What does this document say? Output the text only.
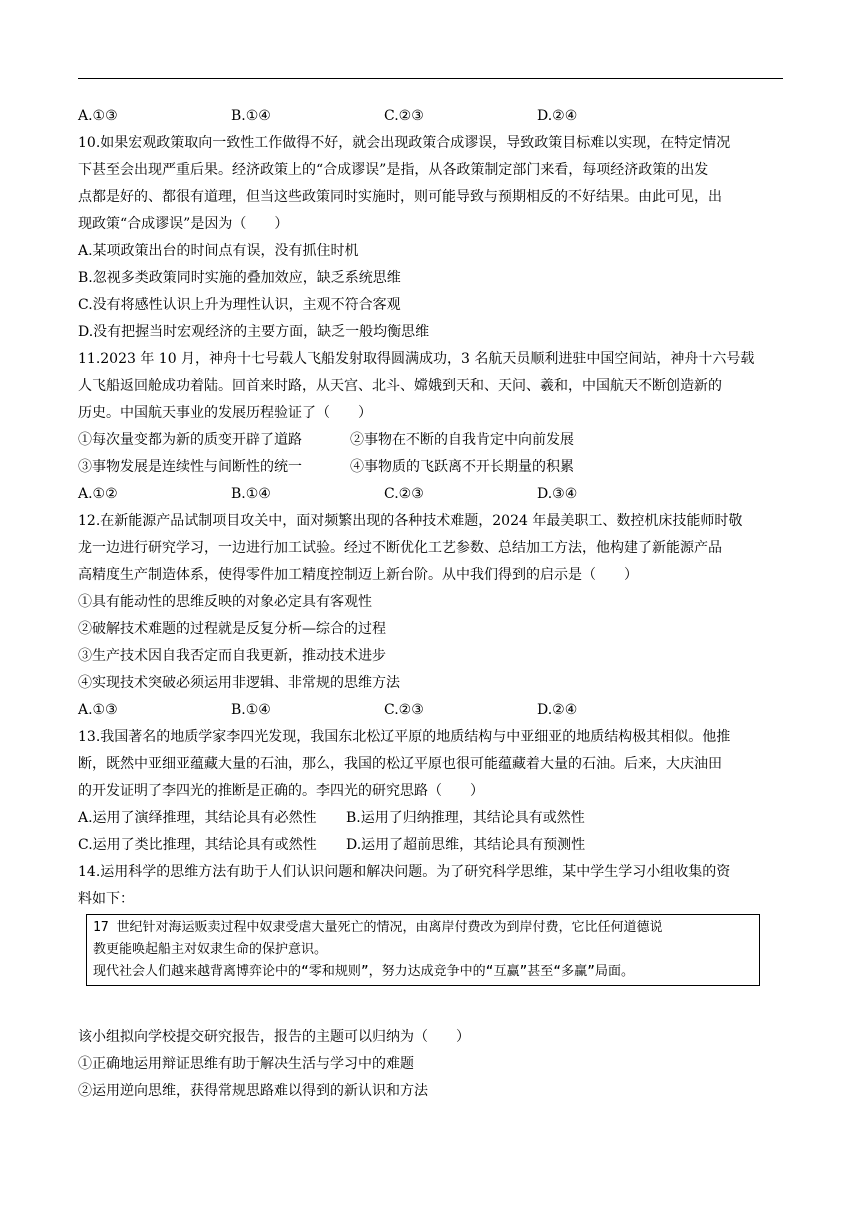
A.①③	B.①④	C.②③	D.②④
10.如果宏观政策取向一致性工作做得不好，就会出现政策合成谬误，导致政策目标难以实现，在特定情况
下甚至会出现严重后果。经济政策上的“合成谬误”是指，从各政策制定部门来看，每项经济政策的出发
点都是好的、都很有道理，但当这些政策同时实施时，则可能导致与预期相反的不好结果。由此可见，出
现政策“合成谬误”是因为（　　）
A.某项政策出台的时间点有误，没有抓住时机
B.忽视多类政策同时实施的叠加效应，缺乏系统思维
C.没有将感性认识上升为理性认识，主观不符合客观
D.没有把握当时宏观经济的主要方面，缺乏一般均衡思维
11.2023 年 10 月，神舟十七号载人飞船发射取得圆满成功，3 名航天员顺利进驻中国空间站，神舟十六号载
人飞船返回舱成功着陆。回首来时路，从天宫、北斗、嫦娥到天和、天问、羲和，中国航天不断创造新的
历史。中国航天事业的发展历程验证了（　　）
①每次量变都为新的质变开辟了道路	②事物在不断的自我肯定中向前发展
③事物发展是连续性与间断性的统一	④事物质的飞跃离不开长期量的积累
A.①②	B.①④	C.②③	D.③④
12.在新能源产品试制项目攻关中，面对频繁出现的各种技术难题，2024 年最美职工、数控机床技能师时敬
龙一边进行研究学习，一边进行加工试验。经过不断优化工艺参数、总结加工方法，他构建了新能源产品
高精度生产制造体系，使得零件加工精度控制迈上新台阶。从中我们得到的启示是（　　）
①具有能动性的思维反映的对象必定具有客观性
②破解技术难题的过程就是反复分析—综合的过程
③生产技术因自我否定而自我更新，推动技术进步
④实现技术突破必须运用非逻辑、非常规的思维方法
A.①③	B.①④	C.②③	D.②④
13.我国著名的地质学家李四光发现，我国东北松辽平原的地质结构与中亚细亚的地质结构极其相似。他推
断，既然中亚细亚蕴藏大量的石油，那么，我国的松辽平原也很可能蕴藏着大量的石油。后来，大庆油田
的开发证明了李四光的推断是正确的。李四光的研究思路（　　）
A.运用了演绎推理，其结论具有必然性	B.运用了归纳推理，其结论具有或然性
C.运用了类比推理，其结论具有或然性	D.运用了超前思维，其结论具有预测性
14.运用科学的思维方法有助于人们认识问题和解决问题。为了研究科学思维，某中学生学习小组收集的资
料如下：
17 世纪针对海运贩卖过程中奴隶受虐大量死亡的情况，由离岸付费改为到岸付费，它比任何道德说
教更能唤起船主对奴隶生命的保护意识。
现代社会人们越来越背离博弈论中的“零和规则”，努力达成竞争中的“互赢”甚至“多赢”局面。
该小组拟向学校提交研究报告，报告的主题可以归纳为（　　）
①正确地运用辩证思维有助于解决生活与学习中的难题
②运用逆向思维，获得常规思路难以得到的新认识和方法
